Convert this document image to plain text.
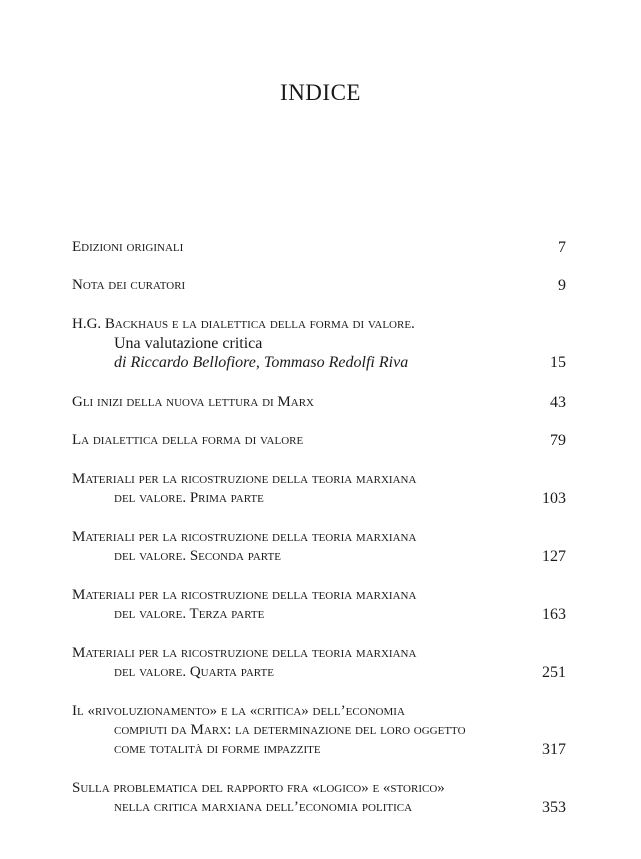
INDICE
Edizioni originali	7
Nota dei curatori	9
H.G. Backhaus e la dialettica della forma di valore.
Una valutazione critica
di Riccardo Bellofiore, Tommaso Redolfi Riva	15
Gli inizi della nuova lettura di Marx	43
La dialettica della forma di valore	79
Materiali per la ricostruzione della teoria marxiana
del valore. Prima parte	103
Materiali per la ricostruzione della teoria marxiana
del valore. Seconda parte	127
Materiali per la ricostruzione della teoria marxiana
del valore. Terza parte	163
Materiali per la ricostruzione della teoria marxiana
del valore. Quarta parte	251
Il «rivoluzionamento» e la «critica» dell’economia
compiuti da Marx: la determinazione del loro oggetto
come totalità di forme impazzite	317
Sulla problematica del rapporto fra «logico» e «storico»
nella critica marxiana dell’economia politica	353
